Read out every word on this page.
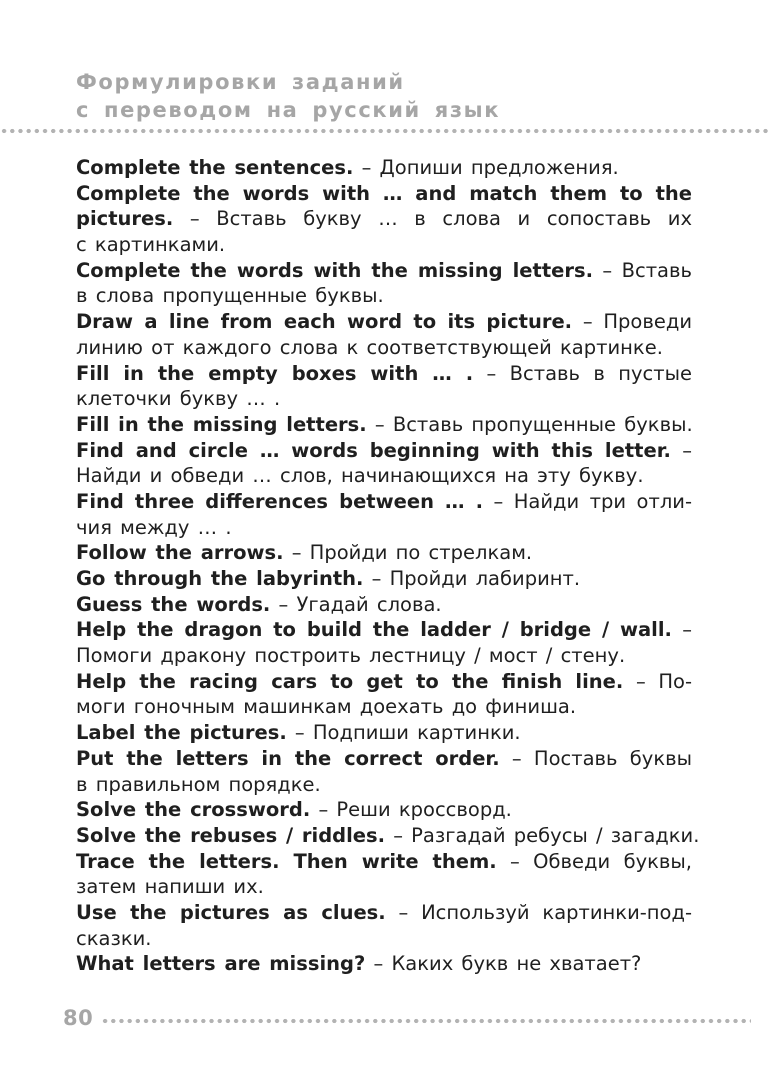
Формулировки заданий
с переводом на русский язык
Complete the sentences. – Допиши предложения.
Complete the words with … and match them to the
pictures. – Вставь букву … в слова и сопоставь их
с картинками.
Complete the words with the missing letters. – Вставь
в слова пропущенные буквы.
Draw a line from each word to its picture. – Проведи
линию от каждого слова к соответствующей картинке.
Fill in the empty boxes with … . – Вставь в пустые
клеточки букву … .
Fill in the missing letters. – Вставь пропущенные буквы.
Find and circle … words beginning with this letter. –
Найди и обведи … слов, начинающихся на эту букву.
Find three differences between … . – Найди три отли-
чия между … .
Follow the arrows. – Пройди по стрелкам.
Go through the labyrinth. – Пройди лабиринт.
Guess the words. – Угадай слова.
Help the dragon to build the ladder / bridge / wall. –
Помоги дракону построить лестницу / мост / стену.
Help the racing cars to get to the finish line. – По-
моги гоночным машинкам доехать до финиша.
Label the pictures. – Подпиши картинки.
Put the letters in the correct order. – Поставь буквы
в правильном порядке.
Solve the crossword. – Реши кроссворд.
Solve the rebuses / riddles. – Разгадай ребусы / загадки.
Trace the letters. Then write them. – Обведи буквы,
затем напиши их.
Use the pictures as clues. – Используй картинки-под-
сказки.
What letters are missing? – Каких букв не хватает?
80
